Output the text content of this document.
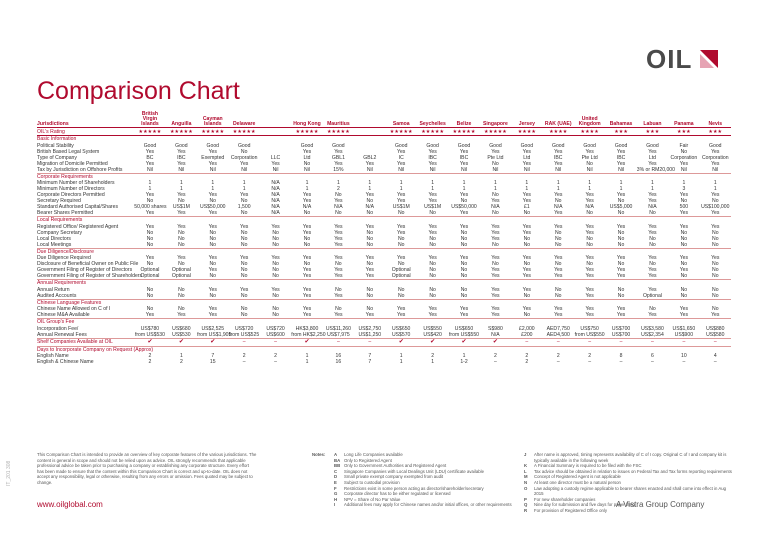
OIL
Comparison Chart
IT_201 308
Jurisdictions	British Virgin Islands	Anguilla	Cayman Islands	Delaware		Hong Kong	Mauritius		Samoa	Seychelles	Belize	Singapore	Jersey	RAK (UAE)	United Kingdom	Bahamas	Labuan	Panama	Nevis
OIL's Rating	★★★★★	★★★★★	★★★★★	★★★★★		★★★★★	★★★★★		★★★★★	★★★★★	★★★★★	★★★★★	★★★★	★★★★	★★★★	★★★	★★★	★★★	★★★
Basic Information																			
Political Stability	Good	Good	Good	Good		Good	Good		Good	Good	Good	Good	Good	Good	Good	Good	Good	Fair	Good
British Based Legal System	Yes	Yes	Yes	No		Yes	Yes		Yes	Yes	Yes	Yes	Yes	Yes	Yes	Yes	Yes	No	Yes
Type of Company	BC	IBC	Exempted	Corporation	LLC	Ltd	GBL1	GBL2	IC	IBC	IBC	Pte Ltd	Ltd	IBC	Pte Ltd	IBC	Ltd	Corporation	Corporation
Migration of Domicile Permitted	Yes	Yes	Yes	Yes	Yes	No	Yes	Yes	Yes	Yes	Yes	No	Yes	Yes	No	Yes	Yes	Yes	Yes
Tax by Jurisdiction on Offshore Profits	Nil	Nil	Nil	Nil	Nil	Nil	15%	Nil	Nil	Nil	Nil	Nil	Nil	Nil	Nil	Nil	3% or RM20,000	Nil	Nil
Corporate Requirements																			
Minimum Number of Shareholders	1	1	1	1	N/A	1	1	1	1	1	1	1	1	1	1	1	1	1	1
Minimum Number of Directors	1	1	1	1	N/A	1	2	1	1	1	1	1	1	1	1	1	1	3	1
Corporate Directors Permitted	Yes	Yes	Yes	Yes	N/A	Yes	No	Yes	Yes	Yes	Yes	No	Yes	Yes	Yes	Yes	Yes	Yes	Yes
Secretary Required	No	No	No	No	N/A	Yes	Yes	No	Yes	Yes	No	Yes	Yes	No	Yes	No	Yes	No	No
Standard Authorised Capital/Shares	50,000 shares	US$1M	US$50,000	1,500	N/A	N/A	N/A	N/A	US$1M	US$1M	US$50,000	N/A	£1	N/A	N/A	US$5,000	N/A	500	US$100,000
Bearer Shares Permitted	Yes	Yes	Yes	No	N/A	No	No	No	No	No	Yes	No	No	Yes	No	No	No	Yes	Yes
Local Requirements																			
Registered Office/ Registered Agent	Yes	Yes	Yes	Yes	Yes	Yes	Yes	Yes	Yes	Yes	Yes	Yes	Yes	Yes	Yes	Yes	Yes	Yes	Yes
Company Secretary	No	No	No	No	No	Yes	Yes	No	Yes	Yes	No	Yes	Yes	No	Yes	No	Yes	No	No
Local Directors	No	No	No	No	No	No	Yes	No	No	No	No	Yes	No	No	No	No	No	No	No
Local Meetings	No	No	No	No	No	No	Yes	No	No	No	No	No	No	No	No	No	No	No	No
Due Diligence/Disclosure																			
Due Diligence Required	Yes	Yes	Yes	Yes	Yes	Yes	Yes	Yes	Yes	Yes	Yes	Yes	Yes	Yes	Yes	Yes	Yes	Yes	Yes
Disclosure of Beneficial Owner on Public File	No	No	No	No	No	No	No	No	No	No	No	No	No	No	No	No	No	No	No
Government Filing of Register of Directors	Optional	Optional	Yes	No	No	Yes	Yes	Yes	Optional	No	No	Yes	Yes	Yes	Yes	Yes	Yes	Yes	No
Government Filing of Register of Shareholders	Optional	Optional	No	No	No	Yes	Yes	Yes	Optional	No	No	Yes	Yes	Yes	Yes	Yes	Yes	No	No
Annual Requirements																			
Annual Return	No	No	Yes	Yes	Yes	Yes	No	No	No	No	No	Yes	Yes	No	Yes	No	Yes	No	No
Audited Accounts	No	No	No	No	No	Yes	Yes	No	No	No	No	Yes	No	No	Yes	No	Optional	No	No
Chinese Language Features																			
Chinese Name Allowed on C of I	No	No	Yes	No	No	Yes	No	No	Yes	Yes	Yes	Yes	Yes	Yes	Yes	Yes	No	Yes	No
Chinese M&A Available	Yes	Yes	Yes	No	No	Yes	Yes	Yes	Yes	Yes	Yes	Yes	No	Yes	Yes	Yes	Yes	Yes	Yes
OIL Group's Fee																			
Incorporation Fee/	US$780	US$680	US$2,525	US$720	US$720	HK$3,800	US$11,260	US$2,750	US$650	US$550	US$650	S$980	£2,000	AED7,750	US$750	US$700	US$3,580	US$1,650	US$880
Annual Renewal Fees	from US$530	US$530	from US$1,905	from US$525	US$600	from HK$2,250	US$7,975	US$1,250	US$570	US$420	from US$550	N/A	£200	AED4,500	from US$550	US$700	US$2,354	US$900	US$580
Shelf Companies Available at OIL	✔	✔	✔	–	–	✔	–	–	✔	✔	✔	✔	–	–	–	–	–	–	–
Days to Incorporate Company on Request (Approx)																			
English Name	2	1	7	2	2	1	16	7	1	2	1	2	2	2	2	8	6	10	4
English & Chinese Name	2	2	15	–	–	1	16	7	1	1	1-2	–	2	–	–	–	–	–	–
This Comparison Chart is intended to provide an overview of key corporate features of the various jurisdictions. The content is general in scope and should not be relied upon as advice. OIL strongly recommends that applicable professional advice be taken prior to purchasing a company or establishing any corporate structure. Every effort has been made to ensure that the content within this Comparison Chart is correct and up-to-date. OIL does not accept any responsibility, legal or otherwise, resulting from any errors or omission. Fees quoted may be subject to change.
Notes: A	Long Life Companies available
BA Only to Registered Agent
BB Only to Government Authorities and Registered Agent
C	Singapore Companies with Local Dealings Unit (LDU) certificate available
D	Small private exempt company exempted from audit
E	Subject to custodial provision
F	Restrictions exist in some person acting as director/shareholder/secretary
G	Corporate director has to be either regulated or licensed
H	NPV = Share of No Par Value
I	Additional fees may apply for Chinese names and/or initial offices, or other requirements
J	After name is approved, timing represents availability of C of I copy. Original C of I and company kit is typically available in the following week
K	A Financial Summary is required to be filed with the FSC
L	Tax advice should be obtained in relation to issues on Federal Tax and Tax forms reporting requirements
M	Concept of Registered Agent is not applicable
N	At least one director must be a natural person
O	Law adopting a custody regime applicable to bearer shares enacted and shall come into effect in Aug 2015
P	For new shareholder companies
Q	Nine day for submission and five days for paper filing
R	For provision of Registered Office only
www.oilglobal.com	A Vistra Group Company
